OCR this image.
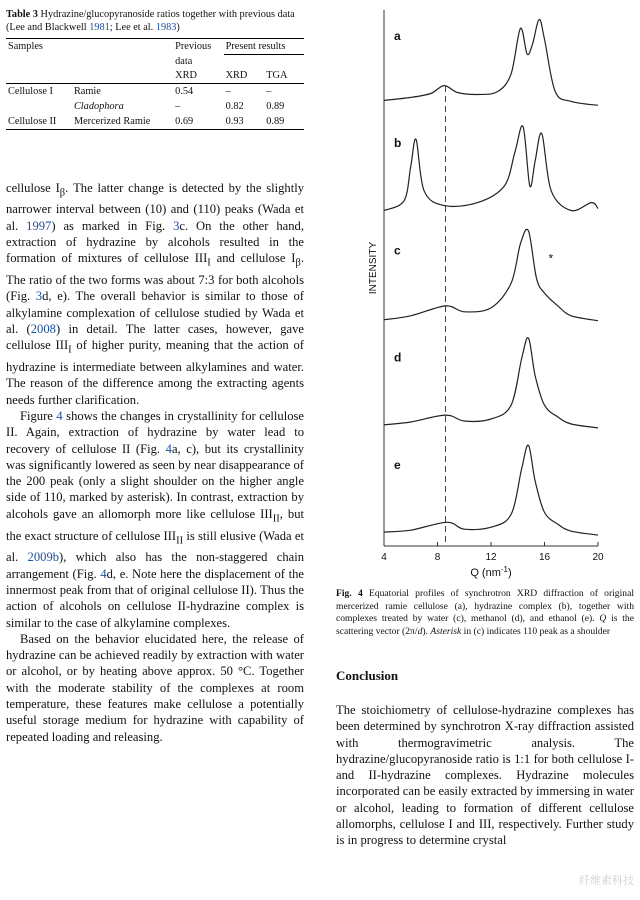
Table 3 Hydrazine/glucopyranoside ratios together with previous data (Lee and Blackwell 1981; Lee et al. 1983)
Samples		Previous	Present results	
		data		
		XRD	XRD	TGA
Cellulose I	Ramie	0.54	–	–
	Cladophora	–	0.82	0.89
Cellulose II	Mercerized Ramie	0.69	0.93	0.89

cellulose $I_\beta$. The latter change is detected by the slightly narrower interval between (10) and (110) peaks (Wada et al. 1997) as marked in Fig. 3c. On the other hand, extraction of hydrazine by alcohols resulted in the formation of mixtures of cellulose $III_I$ and cellulose $I_\beta$. The ratio of the two forms was about 7:3 for both alcohols (Fig. 3d, e). The overall behavior is similar to those of alkylamine complexation of cellulose studied by Wada et al. (2008) in detail. The latter cases, however, gave cellulose $III_I$ of higher purity, meaning that the action of hydrazine is intermediate between alkylamines and water. The reason of the difference among the extracting agents needs further clarification.

Figure 4 shows the changes in crystallinity for cellulose II. Again, extraction of hydrazine by water lead to recovery of cellulose II (Fig. 4a, c), but its crystallinity was significantly lowered as seen by near disappearance of the 200 peak (only a slight shoulder on the higher angle side of 110, marked by asterisk). In contrast, extraction by alcohols gave an allomorph more like cellulose $III_{II}$, but the exact structure of cellulose $III_{II}$ is still elusive (Wada et al. 2009b), which also has the non-staggered chain arrangement (Fig. 4d, e. Note here the displacement of the innermost peak from that of original cellulose II). Thus the action of alcohols on cellulose II-hydrazine complex is similar to the case of alkylamine complexes.

Based on the behavior elucidated here, the release of hydrazine can be achieved readily by extraction with water or alcohol, or by heating above approx. 50 °C. Together with the moderate stability of the complexes at room temperature, these features make cellulose a potentially useful storage medium for hydrazine with capability of repeated loading and releasing.

4	8	12	16	20
a
b
c
d
e
*
INTENSITY
Q $(nm^{-1})$
Fig. 4 Equatorial profiles of synchrotron XRD diffraction of original mercerized ramie cellulose (a), hydrazine complex (b), together with complexes treated by water (c), methanol (d), and ethanol (e). Q is the scattering vector (2π/d). Asterisk in (c) indicates 110 peak as a shoulder
Conclusion
The stoichiometry of cellulose-hydrazine complexes has been determined by synchrotron X-ray diffraction assisted with thermogravimetric analysis. The hydrazine/glucopyranoside ratio is 1:1 for both cellulose I- and II-hydrazine complexes. Hydrazine molecules incorporated can be easily extracted by immersing in water or alcohol, leading to formation of different cellulose allomorphs, cellulose I and III, respectively. Further study is in progress to determine crystal
纤维素科技
